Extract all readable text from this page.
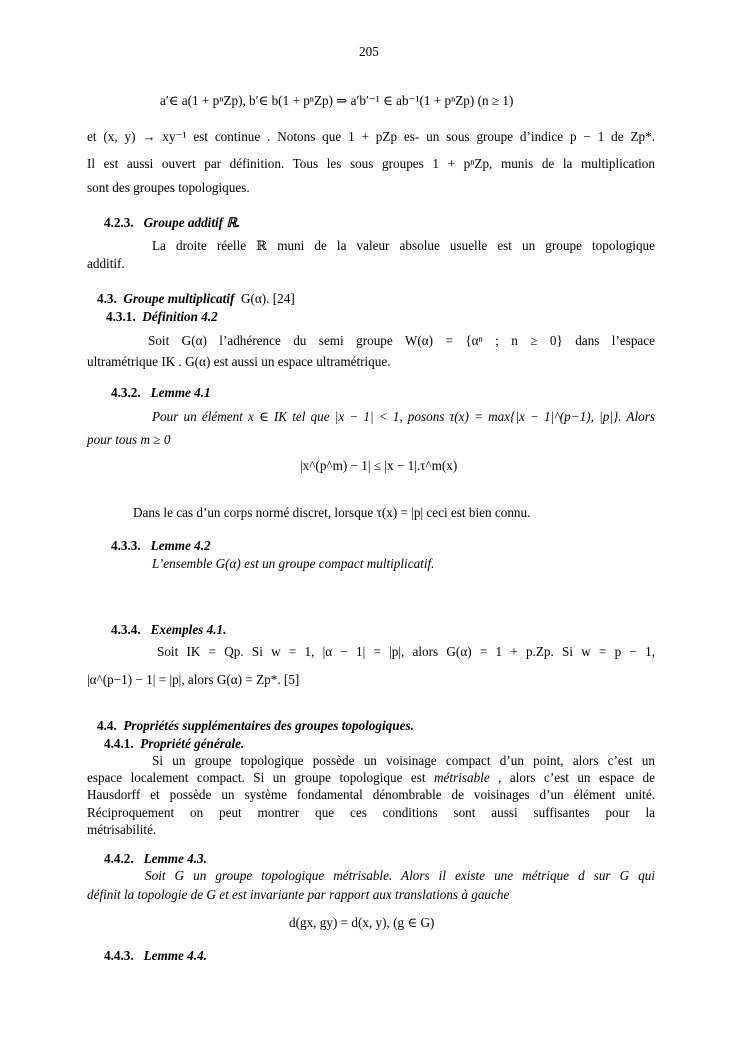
205
a′∈ a(1 + pⁿZp), b′∈ b(1 + pⁿZp) ⇒ a′b′⁻¹ ∈ ab⁻¹(1 + pⁿZp) (n ≥ 1)
et (x, y) → xy⁻¹ est continue . Notons que 1 + pZp es- un sous groupe d’indice p − 1 de Zp*.
Il est aussi ouvert par définition. Tous les sous groupes 1 + pⁿZp, munis de la multiplication
sont des groupes topologiques.
4.2.3. Groupe additif ℝ.
La droite réelle ℝ muni de la valeur absolue usuelle est un groupe topologique
additif.
4.3. Groupe multiplicatif G(α). [24]
4.3.1. Définition 4.2
Soit G(α) l’adhérence du semi groupe W(α) = {αⁿ ; n ≥ 0} dans l’espace
ultramétrique IK . G(α) est aussi un espace ultramétrique.
4.3.2. Lemme 4.1
Pour un élément x ∈ IK tel que |x − 1| < 1, posons τ(x) = max{|x − 1|^(p−1), |p|}. Alors
pour tous m ≥ 0
|x^(p^m) − 1| ≤ |x − 1|.τ^m(x)
Dans le cas d’un corps normé discret, lorsque τ(x) = |p| ceci est bien connu.
4.3.3. Lemme 4.2
L’ensemble G(α) est un groupe compact multiplicatif.
4.3.4. Exemples 4.1.
Soit IK = Qp. Si w = 1, |α − 1| = |p|, alors G(α) = 1 + p.Zp. Si w = p − 1,
|α^(p−1) − 1| = |p|, alors G(α) = Zp*. [5]
4.4. Propriétés supplémentaires des groupes topologiques.
4.4.1. Propriété générale.
Si un groupe topologique possède un voisinage compact d’un point, alors c’est un
espace localement compact. Si un groupe topologique est métrisable , alors c’est un espace de
Hausdorff et possède un système fondamental dénombrable de voisinages d’un élément unité.
Réciproquement on peut montrer que ces conditions sont aussi suffisantes pour la
métrisabilité.
4.4.2. Lemme 4.3.
Soit G un groupe topologique métrisable. Alors il existe une métrique d sur G qui
définit la topologie de G et est invariante par rapport aux translations à gauche
d(gx, gy) = d(x, y), (g ∈ G)
4.4.3. Lemme 4.4.
